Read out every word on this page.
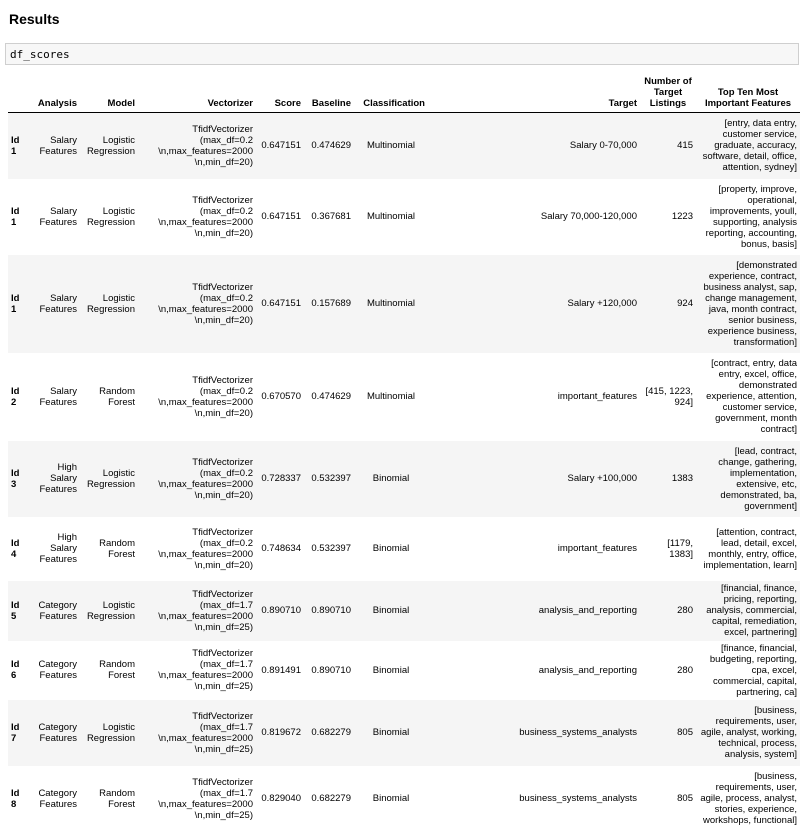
Results
df_scores
	Analysis	Model	Vectorizer	Score	Baseline	Classification	Target	Number of Target Listings	Top Ten Most Important Features
Id 1	Salary Features	Logistic Regression	TfidfVectorizer (max_df=0.2 \n,max_features=2000 \n,min_df=20)	0.647151	0.474629	Multinomial	Salary 0-70,000	415	[entry, data entry, customer service, graduate, accuracy, software, detail, office, attention, sydney]
Id 1	Salary Features	Logistic Regression	TfidfVectorizer (max_df=0.2 \n,max_features=2000 \n,min_df=20)	0.647151	0.367681	Multinomial	Salary 70,000-120,000	1223	[property, improve, operational, improvements, youll, supporting, analysis reporting, accounting, bonus, basis]
Id 1	Salary Features	Logistic Regression	TfidfVectorizer (max_df=0.2 \n,max_features=2000 \n,min_df=20)	0.647151	0.157689	Multinomial	Salary +120,000	924	[demonstrated experience, contract, business analyst, sap, change management, java, month contract, senior business, experience business, transformation]
Id 2	Salary Features	Random Forest	TfidfVectorizer (max_df=0.2 \n,max_features=2000 \n,min_df=20)	0.670570	0.474629	Multinomial	important_features	[415, 1223, 924]	[contract, entry, data entry, excel, office, demonstrated experience, attention, customer service, government, month contract]
Id 3	High Salary Features	Logistic Regression	TfidfVectorizer (max_df=0.2 \n,max_features=2000 \n,min_df=20)	0.728337	0.532397	Binomial	Salary +100,000	1383	[lead, contract, change, gathering, implementation, extensive, etc, demonstrated, ba, government]
Id 4	High Salary Features	Random Forest	TfidfVectorizer (max_df=0.2 \n,max_features=2000 \n,min_df=20)	0.748634	0.532397	Binomial	important_features	[1179, 1383]	[attention, contract, lead, detail, excel, monthly, entry, office, implementation, learn]
Id 5	Category Features	Logistic Regression	TfidfVectorizer (max_df=1.7 \n,max_features=2000 \n,min_df=25)	0.890710	0.890710	Binomial	analysis_and_reporting	280	[financial, finance, pricing, reporting, analysis, commercial, capital, remediation, excel, partnering]
Id 6	Category Features	Random Forest	TfidfVectorizer (max_df=1.7 \n,max_features=2000 \n,min_df=25)	0.891491	0.890710	Binomial	analysis_and_reporting	280	[finance, financial, budgeting, reporting, cpa, excel, commercial, capital, partnering, ca]
Id 7	Category Features	Logistic Regression	TfidfVectorizer (max_df=1.7 \n,max_features=2000 \n,min_df=25)	0.819672	0.682279	Binomial	business_systems_analysts	805	[business, requirements, user, agile, analyst, working, technical, process, analysis, system]
Id 8	Category Features	Random Forest	TfidfVectorizer (max_df=1.7 \n,max_features=2000 \n,min_df=25)	0.829040	0.682279	Binomial	business_systems_analysts	805	[business, requirements, user, agile, process, analyst, stories, experience, workshops, functional]
